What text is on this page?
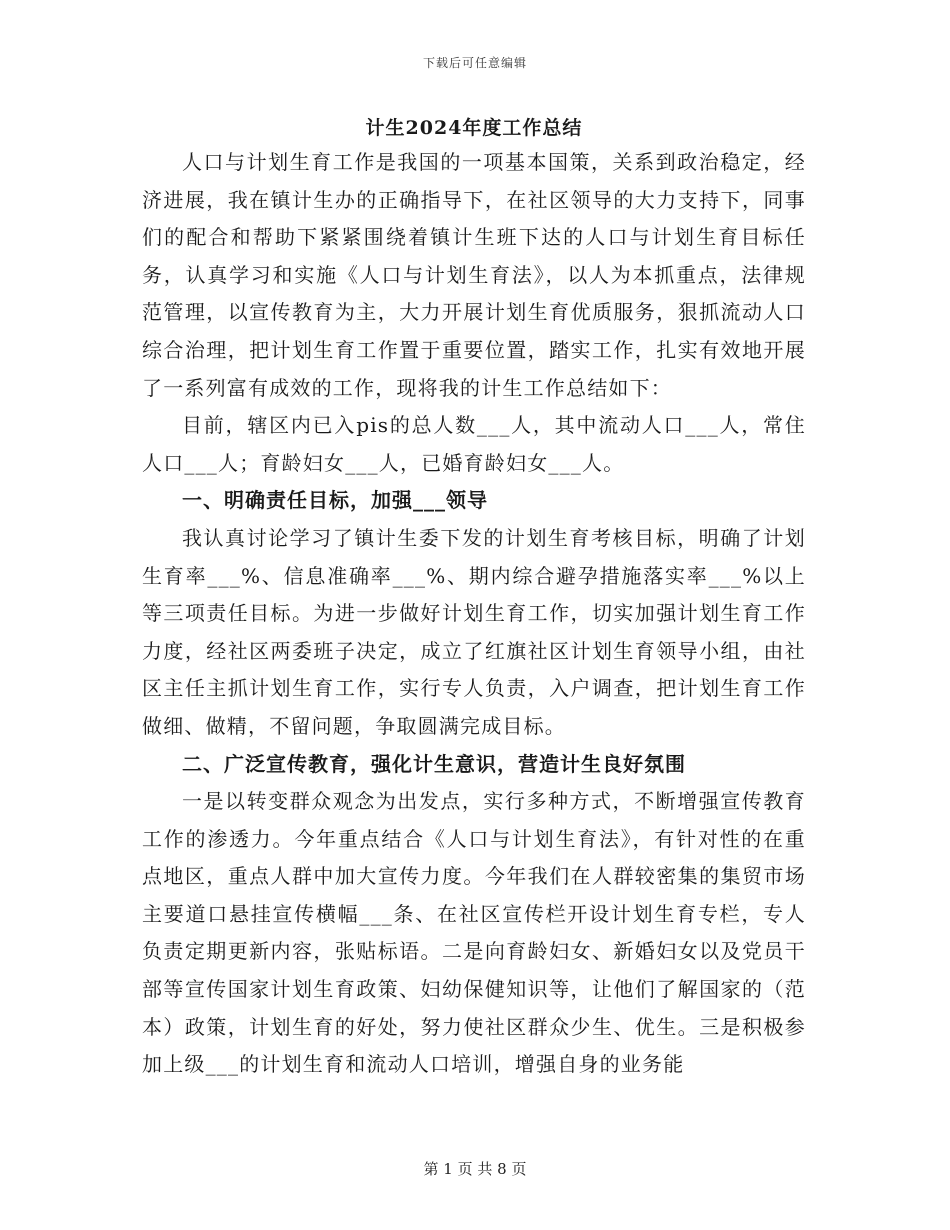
下载后可任意编辑
计生2024年度工作总结

人口与计划生育工作是我国的一项基本国策，关系到政治稳定，经济进展，我在镇计生办的正确指导下，在社区领导的大力支持下，同事们的配合和帮助下紧紧围绕着镇计生班下达的人口与计划生育目标任务，认真学习和实施《人口与计划生育法》，以人为本抓重点，法律规范管理，以宣传教育为主，大力开展计划生育优质服务，狠抓流动人口综合治理，把计划生育工作置于重要位置，踏实工作，扎实有效地开展了一系列富有成效的工作，现将我的计生工作总结如下：

目前，辖区内已入pis的总人数___人，其中流动人口___人，常住人口___人；育龄妇女___人，已婚育龄妇女___人。

一、明确责任目标，加强___领导

我认真讨论学习了镇计生委下发的计划生育考核目标，明确了计划生育率___%、信息准确率___%、期内综合避孕措施落实率___%以上等三项责任目标。为进一步做好计划生育工作，切实加强计划生育工作力度，经社区两委班子决定，成立了红旗社区计划生育领导小组，由社区主任主抓计划生育工作，实行专人负责，入户调查，把计划生育工作做细、做精，不留问题，争取圆满完成目标。

二、广泛宣传教育，强化计生意识，营造计生良好氛围

一是以转变群众观念为出发点，实行多种方式，不断增强宣传教育工作的渗透力。今年重点结合《人口与计划生育法》，有针对性的在重点地区，重点人群中加大宣传力度。今年我们在人群较密集的集贸市场主要道口悬挂宣传横幅___条、在社区宣传栏开设计划生育专栏，专人负责定期更新内容，张贴标语。二是向育龄妇女、新婚妇女以及党员干部等宣传国家计划生育政策、妇幼保健知识等，让他们了解国家的（范本）政策，计划生育的好处，努力使社区群众少生、优生。三是积极参加上级___的计划生育和流动人口培训，增强自身的业务能

第 1 页 共 8 页
